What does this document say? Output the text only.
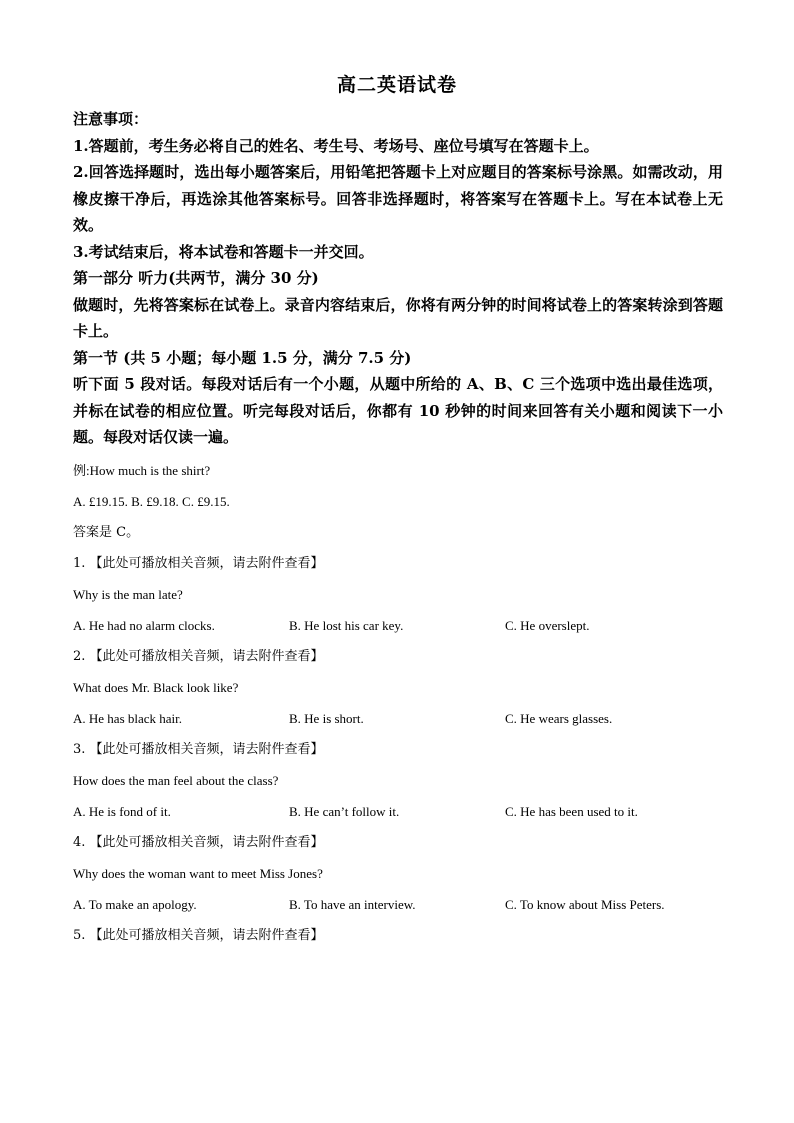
高二英语试卷

注意事项：

1.答题前，考生务必将自己的姓名、考生号、考场号、座位号填写在答题卡上。

2.回答选择题时，选出每小题答案后，用铅笔把答题卡上对应题目的答案标号涂黑。如需改动，用橡皮擦干净后，再选涂其他答案标号。回答非选择题时，将答案写在答题卡上。写在本试卷上无效。

3.考试结束后，将本试卷和答题卡一并交回。

第一部分 听力(共两节，满分 30 分)

做题时，先将答案标在试卷上。录音内容结束后，你将有两分钟的时间将试卷上的答案转涂到答题卡上。

第一节 (共 5 小题；每小题 1.5 分，满分 7.5 分)

听下面 5 段对话。每段对话后有一个小题，从题中所给的 A、B、C 三个选项中选出最佳选项，并标在试卷的相应位置。听完每段对话后，你都有 10 秒钟的时间来回答有关小题和阅读下一小题。每段对话仅读一遍。

例:How much is the shirt?

A. £19.15. B. £9.18. C. £9.15.

答案是 C。

1. 【此处可播放相关音频，请去附件查看】

Why is the man late?

A. He had no alarm clocks.	B. He lost his car key.	C. He overslept.

2. 【此处可播放相关音频，请去附件查看】

What does Mr. Black look like?

A. He has black hair.	B. He is short.	C. He wears glasses.

3. 【此处可播放相关音频，请去附件查看】

How does the man feel about the class?

A. He is fond of it.	B. He can’t follow it.	C. He has been used to it.

4. 【此处可播放相关音频，请去附件查看】

Why does the woman want to meet Miss Jones?

A. To make an apology.	B. To have an interview.	C. To know about Miss Peters.

5. 【此处可播放相关音频，请去附件查看】
